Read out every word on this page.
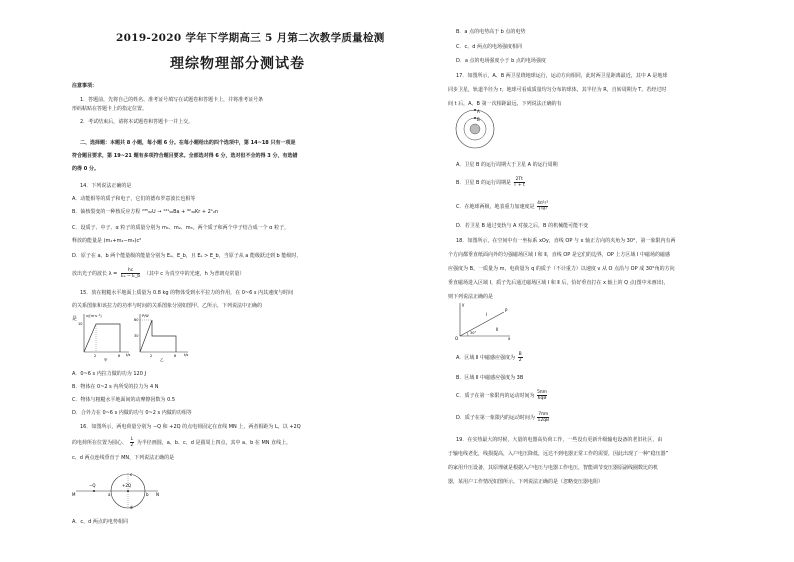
2019-2020 学年下学期高三 5 月第二次教学质量检测
理综物理部分测试卷
注意事项：
1．答题前，先将自己的姓名、准考证号填写在试题卷和答题卡上，并将准考证号条
形码粘贴在答题卡上的指定位置。
2．考试结束后，请将本试题卷和答题卡一并上交。
二、选择题：本题共 8 小题，每小题 6 分。在每小题给出的四个选项中，第 14~18 只有一项是
符合题目要求，第 19~21 题有多项符合题目要求。全部选对得 6 分，选对但不全的得 3 分，有选错
的得 0 分。
14．下列说法正确的是
A．动能相等的质子和电子，它们的德布罗意波长也相等
B．铀核裂变的一种核反应方程 ²³⁵₉₂U → ¹⁴¹₅₆Ba + ⁹²₃₆Kr + 2¹₀n
C．设质子、中子、α 粒子的质量分别为 m₁、m₂、m₃，两个质子和两个中子结合成一个 α 粒子，
释放的能量是 (m₁+m₂−m₃)c²
D．原子在 a、b 两个能量级的能量分别为 Eₐ、E_b，且 Eₐ > E_b，当原子从 a 能级跃迁到 b 能级时，
放出光子的波长 $\lambda = \frac{hc}{\text{Eₐ − E\_b}}$ （其中 c 为真空中的光速，h 为普朗克常量）
15．放在粗糙水平地面上质量为 0.8 kg 的物体受到水平拉力的作用，在 0~6 s 内其速度与时间
的关系图象和该拉力的功率与时间的关系图象分别如图甲、乙所示，下列说法中正确的
是	v/(m·s⁻¹)
t/s
10
2	6
甲
P/W
t/s
60
30
2	6
乙
A．0~6 s 内拉力做的功为 120 J
B．物体在 0~2 s 内所受的拉力为 4 N
C．物体与粗糙水平地面间的动摩擦因数为 0.5
D．合外力在 0~6 s 内做的功与 0~2 s 内做的功相等
16．如图所示，两电荷量分别为 −Q 和 +2Q 的点电荷固定在直线 MN 上，两者相距为 L，以 +2Q
的电荷所在位置为圆心、 $\frac{L}{2}$ 为半径画圆，a、b、c、d 是圆周上四点，其中 a、b 在 MN 直线上，
c、d 两点连线垂直于 MN，下列说法正确的是
−Q	+2Q
M	N
a	b
c
d
A．c、d 两点的电势相同
B．a 点的电势高于 b 点的电势
C．c、d 两点的电场强度相同
D．a 点的电场强度小于 b 点的电场强度
17．如图所示，A、B 两卫星绕地球运行，运动方向相同，此时两卫星距离最近，其中 A 是地球
同步卫星，轨道半径为 r。地球可看成质量均匀分布的球体，其半径为 R，自转周期为 T。若经过时
间 t 后，A、B 第一次相距最远，下列说法正确的有
A
B
A．卫星 B 的运行周期大于卫星 A 的运行周期
B．卫星 B 的运行周期是 $\frac{2Tt}{T + t}$
C．在地球两极，地表重力加速度是 $\frac{\text{4π²r³}}{\text{T²R²}}$
D．若卫星 B 通过变轨与 A 对接之后，B 的机械能可能不变
18．如图所示，在空间中有一坐标系 xOy，直线 OP 与 x 轴正方向的夹角为 30°，第一象限内有两
个方向都垂直纸面向外的匀强磁场区域 Ⅰ 和 Ⅱ，直线 OP 是它们的边界，OP 上方区域 Ⅰ 中磁场的磁感
应强度为 B。一质量为 m，电荷量为 q 的质子（不计重力）以速度 v 从 O 点沿与 OP 成 30°角的方向
垂直磁场进入区域 Ⅰ，质子先后通过磁场区域 Ⅰ 和 Ⅱ 后，恰好垂直打在 x 轴上的 Q 点(图中未画出)，
则下列说法正确的是
y
P
Ⅰ
Ⅱ
O
30°
x
A．区域 Ⅱ 中磁感应强度为 $\frac{B}{2}$
B．区域 Ⅱ 中磁感应强度为 3B
C．质子在第一象限内的运动时间为 $\frac{5\pi m}{6qB}$
D．质子在第一象限内的运动时间为 $\frac{7\pi m}{12qB}$
19．在实热最大的时候，大量的电器高负荷工作，一些没有更新升级输电设备的老旧社区，由
于输电线老化，线损提高，入户电压降低，远达不到电器正常工作的需要，因此出现了一种“稳压器”
的家用升压设备，其原理就是根据入户电压与电器工作电压，智能调节变压器原副线圈数比的机
器，某用户工作情况如图所示。下列说法正确的是（忽略变压器电阻）
